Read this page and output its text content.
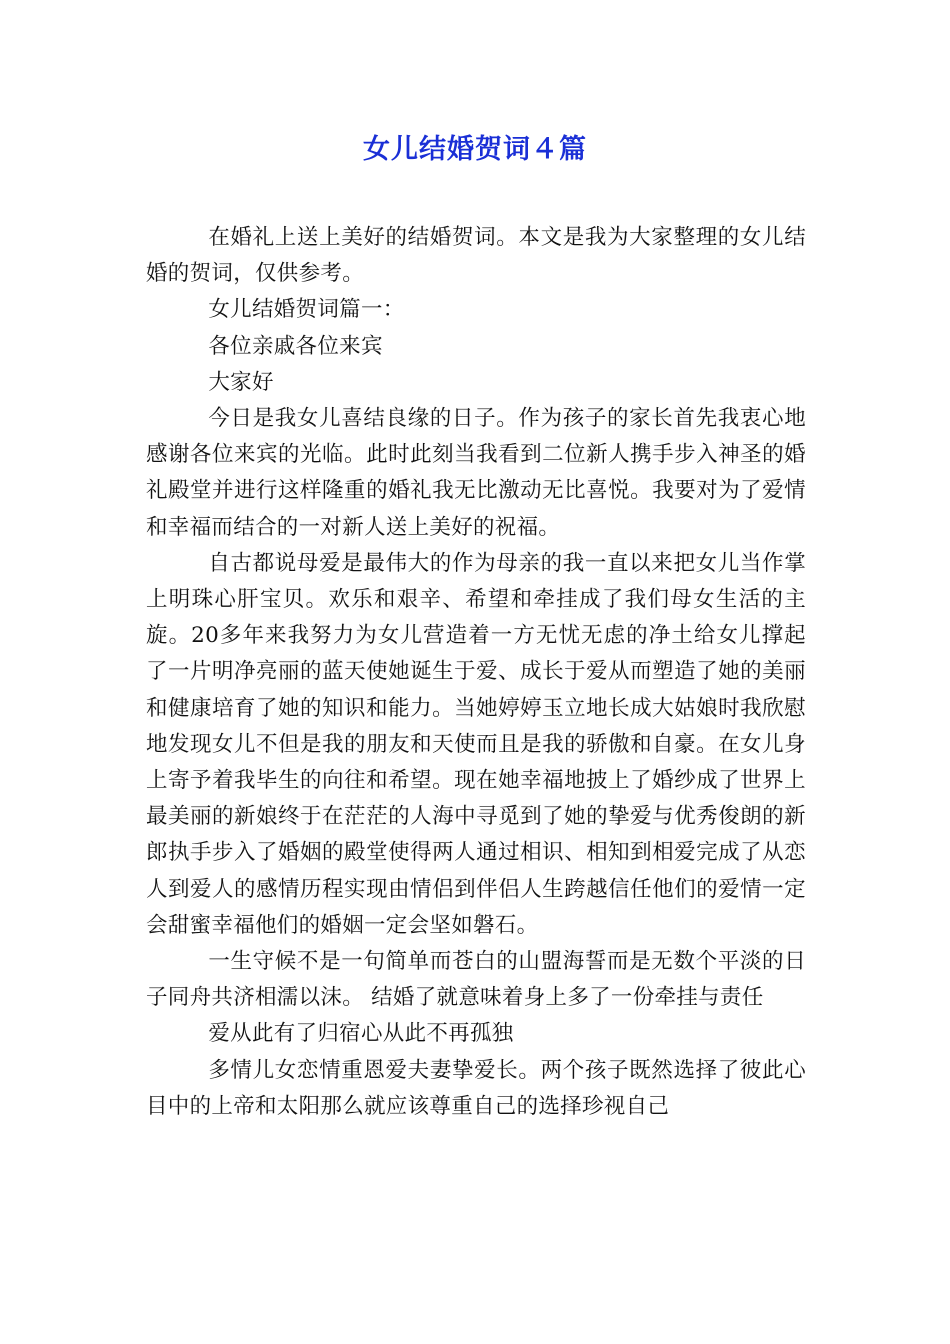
女儿结婚贺词４篇

在婚礼上送上美好的结婚贺词。本文是我为大家整理的女儿结婚的贺词，仅供参考。

女儿结婚贺词篇一：

各位亲戚各位来宾

大家好

今日是我女儿喜结良缘的日子。作为孩子的家长首先我衷心地感谢各位来宾的光临。此时此刻当我看到二位新人携手步入神圣的婚礼殿堂并进行这样隆重的婚礼我无比激动无比喜悦。我要对为了爱情和幸福而结合的一对新人送上美好的祝福。

自古都说母爱是最伟大的作为母亲的我一直以来把女儿当作掌上明珠心肝宝贝。欢乐和艰辛、希望和牵挂成了我们母女生活的主旋。20多年来我努力为女儿营造着一方无忧无虑的净土给女儿撑起了一片明净亮丽的蓝天使她诞生于爱、成长于爱从而塑造了她的美丽和健康培育了她的知识和能力。当她婷婷玉立地长成大姑娘时我欣慰地发现女儿不但是我的朋友和天使而且是我的骄傲和自豪。在女儿身上寄予着我毕生的向往和希望。现在她幸福地披上了婚纱成了世界上最美丽的新娘终于在茫茫的人海中寻觅到了她的挚爱与优秀俊朗的新郎执手步入了婚姻的殿堂使得两人通过相识、相知到相爱完成了从恋人到爱人的感情历程实现由情侣到伴侣人生跨越信任他们的爱情一定会甜蜜幸福他们的婚姻一定会坚如磐石。

一生守候不是一句简单而苍白的山盟海誓而是无数个平淡的日子同舟共济相濡以沫。 结婚了就意味着身上多了一份牵挂与责任

爱从此有了归宿心从此不再孤独

多情儿女恋情重恩爱夫妻挚爱长。两个孩子既然选择了彼此心目中的上帝和太阳那么就应该尊重自己的选择珍视自己
